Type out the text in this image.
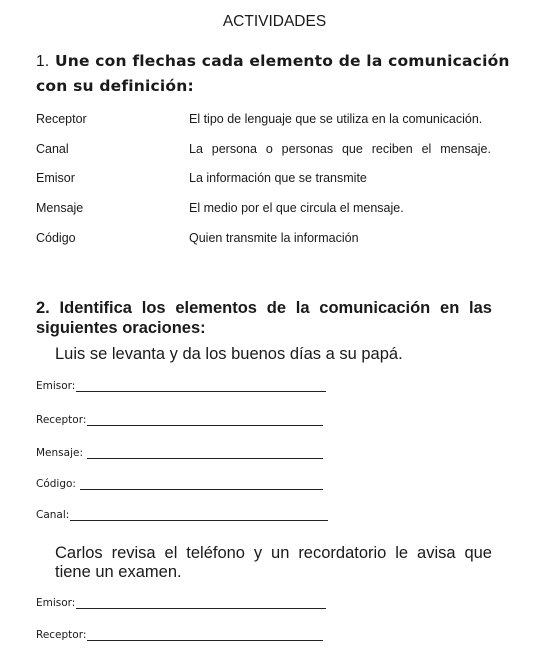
ACTIVIDADES
1. Une con flechas cada elemento de la comunicación
con su definición:
Receptor
Canal
Emisor
Mensaje
Código
El tipo de lenguaje que se utiliza en la comunicación.
La persona o personas que reciben el mensaje.
La información que se transmite
El medio por el que circula el mensaje.
Quien transmite la información
2. Identifica los elementos de la comunicación en las
siguientes oraciones:
Luis se levanta y da los buenos días a su papá.
Emisor:
Receptor:
Mensaje:
Código:
Canal:
Carlos revisa el teléfono y un recordatorio le avisa que
tiene un examen.
Emisor:
Receptor:
